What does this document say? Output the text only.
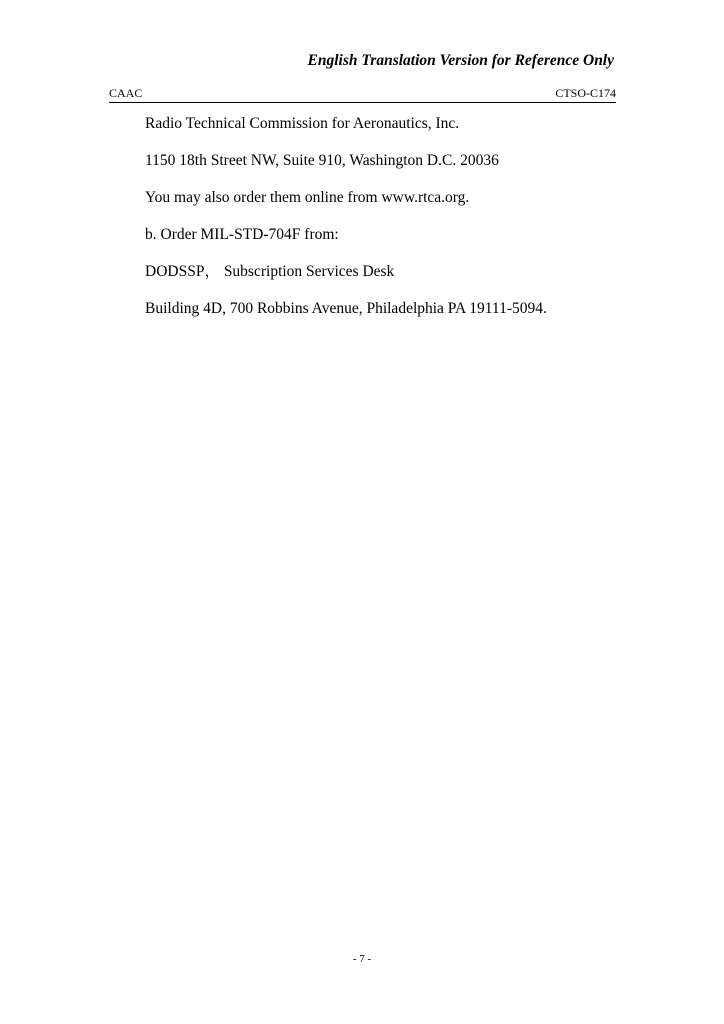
English Translation Version for Reference Only
CAAC	CTSO-C174

Radio Technical Commission for Aeronautics, Inc.

1150 18th Street NW, Suite 910, Washington D.C. 20036

You may also order them online from www.rtca.org.

b. Order MIL-STD-704F from:

DODSSP， Subscription Services Desk

Building 4D, 700 Robbins Avenue, Philadelphia PA 19111-5094.

- 7 -
